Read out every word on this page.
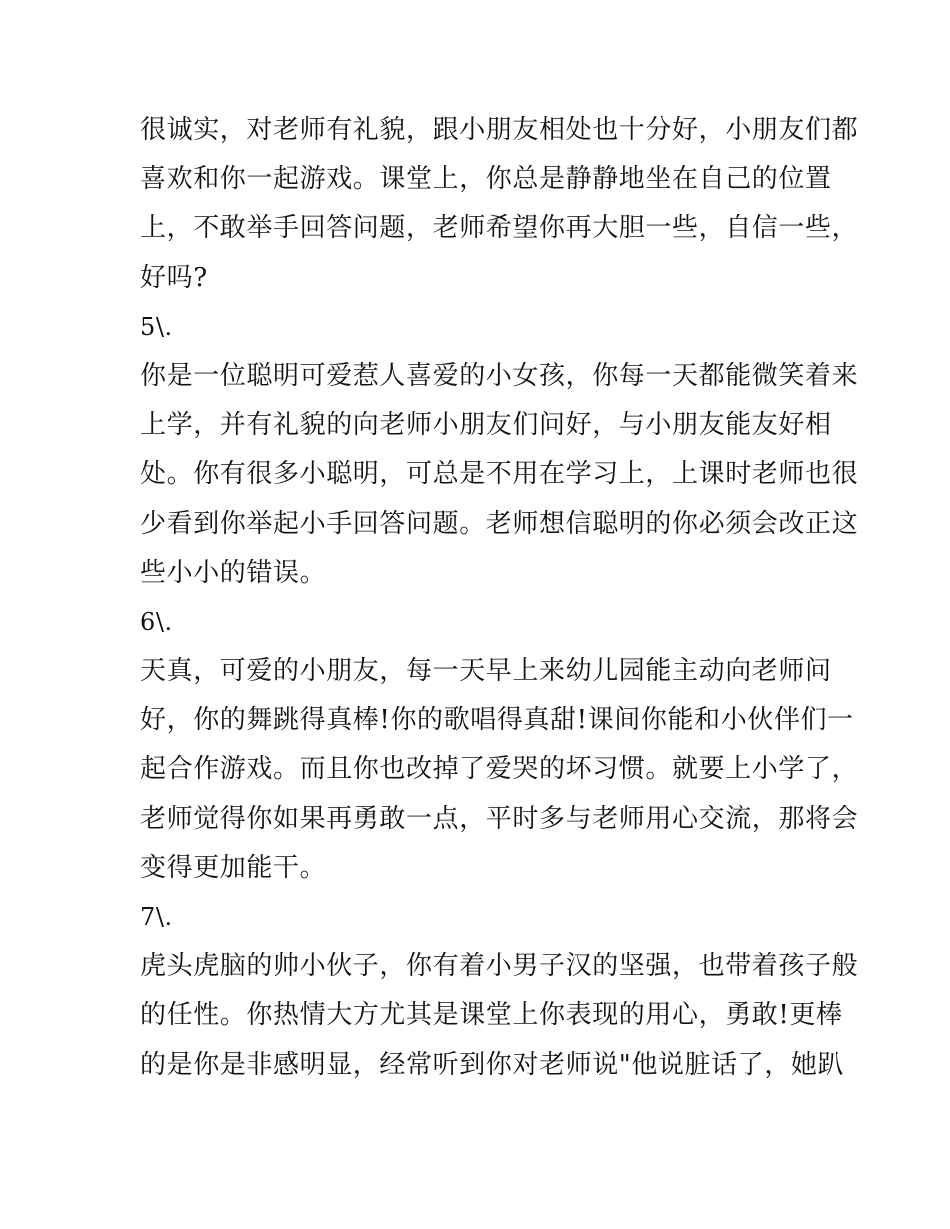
很诚实，对老师有礼貌，跟小朋友相处也十分好，小朋友们都
喜欢和你一起游戏。课堂上，你总是静静地坐在自己的位置
上，不敢举手回答问题，老师希望你再大胆一些，自信一些，
好吗?
5\.
你是一位聪明可爱惹人喜爱的小女孩，你每一天都能微笑着来
上学，并有礼貌的向老师小朋友们问好，与小朋友能友好相
处。你有很多小聪明，可总是不用在学习上，上课时老师也很
少看到你举起小手回答问题。老师想信聪明的你必须会改正这
些小小的错误。
6\.
天真，可爱的小朋友，每一天早上来幼儿园能主动向老师问
好，你的舞跳得真棒!你的歌唱得真甜!课间你能和小伙伴们一
起合作游戏。而且你也改掉了爱哭的坏习惯。就要上小学了，
老师觉得你如果再勇敢一点，平时多与老师用心交流，那将会
变得更加能干。
7\.
虎头虎脑的帅小伙子，你有着小男子汉的坚强，也带着孩子般
的任性。你热情大方尤其是课堂上你表现的用心，勇敢!更棒
的是你是非感明显，经常听到你对老师说"他说脏话了，她趴
